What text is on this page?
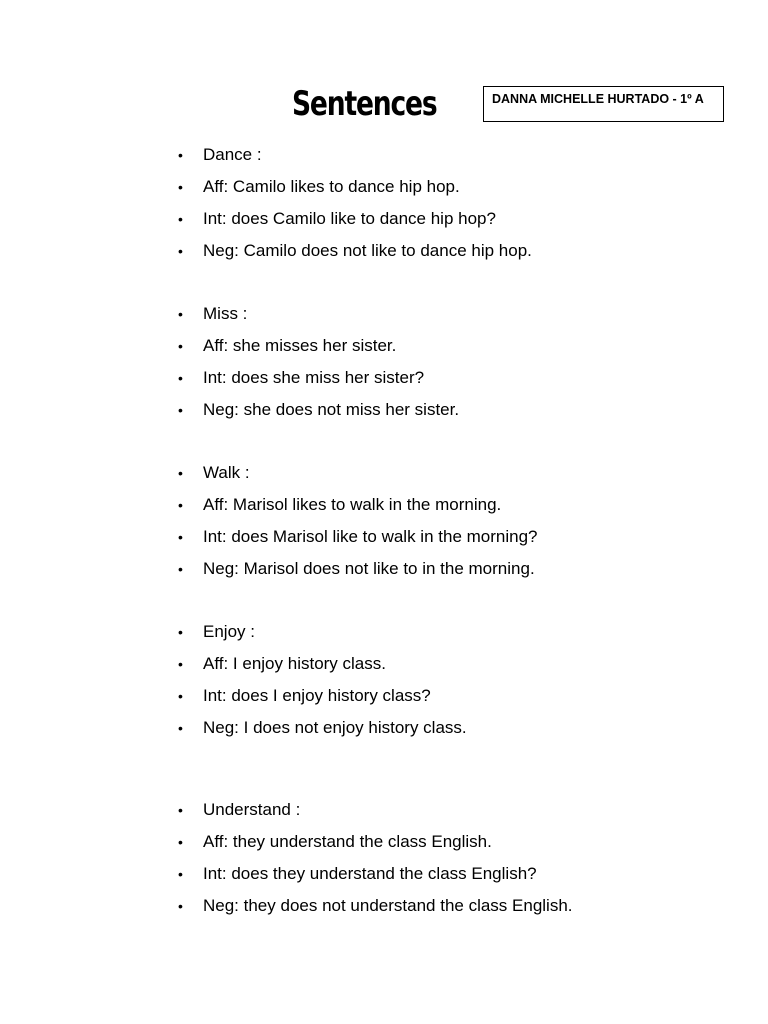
Sentences	DANNA MICHELLE HURTADO - 1º A
• Dance :
• Aff: Camilo likes to dance hip hop.
• Int: does Camilo like to dance hip hop?
• Neg: Camilo does not like to dance hip hop.
• Miss :
• Aff: she misses her sister.
• Int: does she miss her sister?
• Neg: she does not miss her sister.
• Walk :
• Aff: Marisol likes to walk in the morning.
• Int: does Marisol like to walk in the morning?
• Neg: Marisol does not like to in the morning.
• Enjoy :
• Aff: I enjoy history class.
• Int: does I enjoy history class?
• Neg: I does not enjoy history class.
• Understand :
• Aff: they understand the class English.
• Int: does they understand the class English?
• Neg: they does not understand the class English.
